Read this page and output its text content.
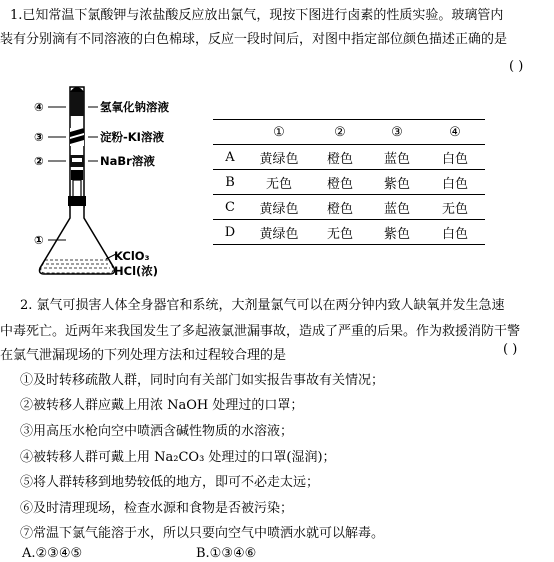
1.已知常温下氯酸钾与浓盐酸反应放出氯气，现按下图进行卤素的性质实验。玻璃管内
装有分别滴有不同溶液的白色棉球，反应一段时间后，对图中指定部位颜色描述正确的是
( )
④
③
②
①
氢氧化钠溶液
淀粉-KI溶液
NaBr溶液
KClO₃
HCl(浓)
	①	②	③	④
A	黄绿色	橙色	蓝色	白色
B	无色	橙色	紫色	白色
C	黄绿色	橙色	蓝色	无色
D	黄绿色	无色	紫色	白色
2. 氯气可损害人体全身器官和系统，大剂量氯气可以在两分钟内致人缺氧并发生急速
中毒死亡。近两年来我国发生了多起液氯泄漏事故，造成了严重的后果。作为救援消防干警
在氯气泄漏现场的下列处理方法和过程较合理的是	( )
①及时转移疏散人群，同时向有关部门如实报告事故有关情况；
②被转移人群应戴上用浓 NaOH 处理过的口罩；
③用高压水枪向空中喷洒含碱性物质的水溶液；
④被转移人群可戴上用 Na₂CO₃ 处理过的口罩(湿润)；
⑤将人群转移到地势较低的地方，即可不必走太远；
⑥及时清理现场，检查水源和食物是否被污染；
⑦常温下氯气能溶于水，所以只要向空气中喷洒水就可以解毒。
A.②③④⑤	B.①③④⑥
